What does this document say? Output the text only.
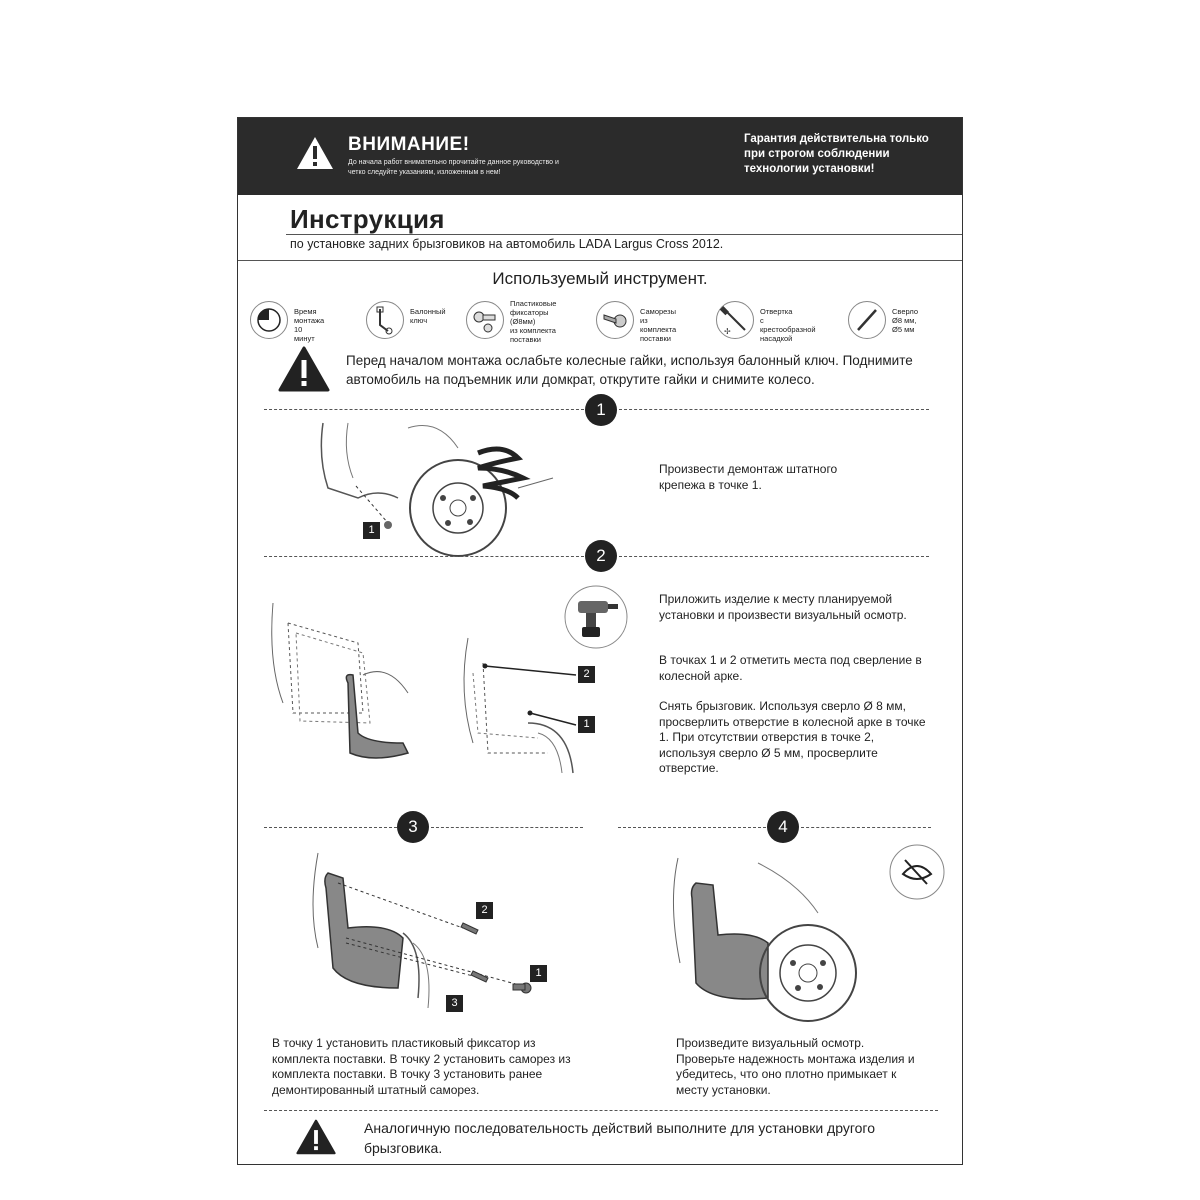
ВНИМАНИЕ!
До начала работ внимательно прочитайте данное руководство и четко следуйте указаниям, изложенным в нем!
Гарантия действительна только при строгом соблюдении технологии установки!
Инструкция
по установке задних брызговиков на автомобиль LADA Largus Cross 2012.
Используемый инструмент.
Время монтажа
10 минут
Балонный
ключ
Пластиковые
фиксаторы (Ø8мм)
из комплекта
поставки
Саморезы
из комплекта
поставки
✢
Отвертка
с крестообразной
насадкой
Сверло
Ø8 мм, Ø5 мм
Перед началом монтажа ослабьте колесные гайки, используя балонный ключ. Поднимите автомобиль на подъемник или домкрат, открутите гайки и снимите колесо.
1
1
Произвести демонтаж штатного крепежа в точке 1.
2
2
1
Приложить изделие к месту планируемой установки и произвести визуальный осмотр.
В точках 1 и 2 отметить места под сверление в колесной арке.
Снять брызговик. Используя сверло Ø 8 мм, просверлить отверстие в колесной арке в точке 1. При отсутствии отверстия в точке 2, используя сверло Ø 5 мм, просверлите отверстие.
3	4
2
1
3
В точку 1 установить пластиковый фиксатор из комплекта поставки. В точку 2 установить саморез из комплекта поставки. В точку 3 установить ранее демонтированный штатный саморез.
Произведите визуальный осмотр. Проверьте надежность монтажа изделия и убедитесь, что оно плотно примыкает к месту установки.
Аналогичную последовательность действий выполните для установки другого брызговика.
